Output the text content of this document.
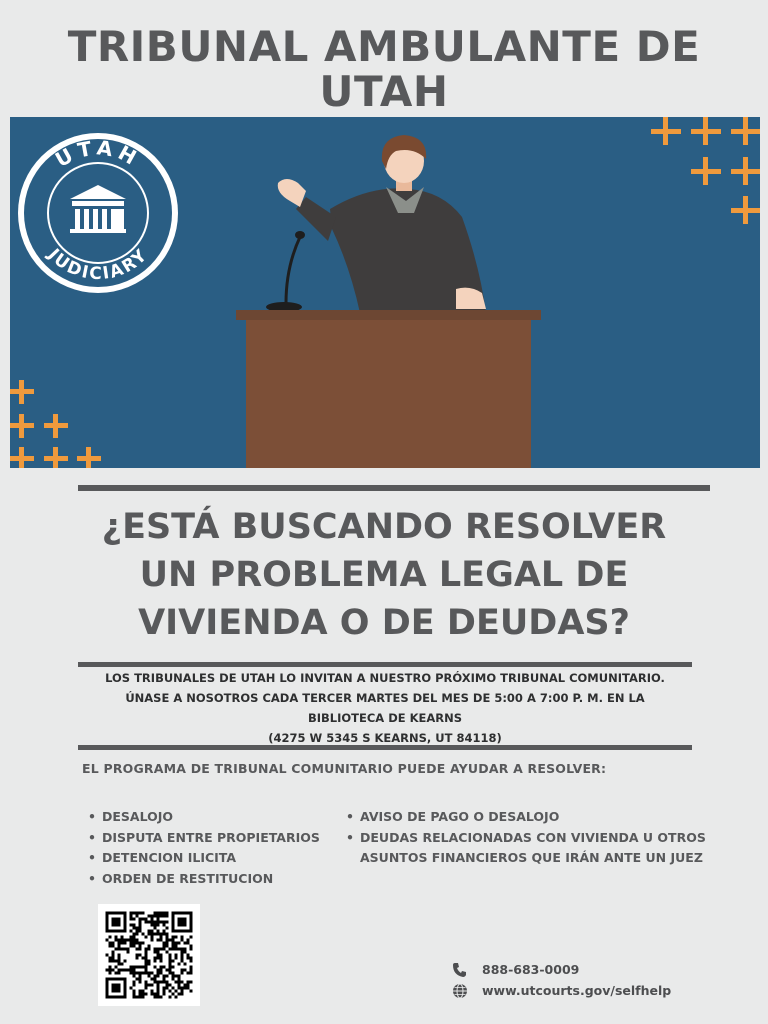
TRIBUNAL AMBULANTE DE
UTAH
UTAH
JUDICIARY
¿ESTÁ BUSCANDO RESOLVER
UN PROBLEMA LEGAL DE
VIVIENDA O DE DEUDAS?
LOS TRIBUNALES DE UTAH LO INVITAN A NUESTRO PRÓXIMO TRIBUNAL COMUNITARIO.
ÚNASE A NOSOTROS CADA TERCER MARTES DEL MES DE 5:00 A 7:00 P. M. EN LA
BIBLIOTECA DE KEARNS
(4275 W 5345 S KEARNS, UT 84118)
EL PROGRAMA DE TRIBUNAL COMUNITARIO PUEDE AYUDAR A RESOLVER:
• DESALOJO
• DISPUTA ENTRE PROPIETARIOS
• DETENCION ILICITA
• ORDEN DE RESTITUCION
• AVISO DE PAGO O DESALOJO
• DEUDAS RELACIONADAS CON VIVIENDA U OTROS
ASUNTOS FINANCIEROS QUE IRÁN ANTE UN JUEZ
888-683-0009
www.utcourts.gov/selfhelp
